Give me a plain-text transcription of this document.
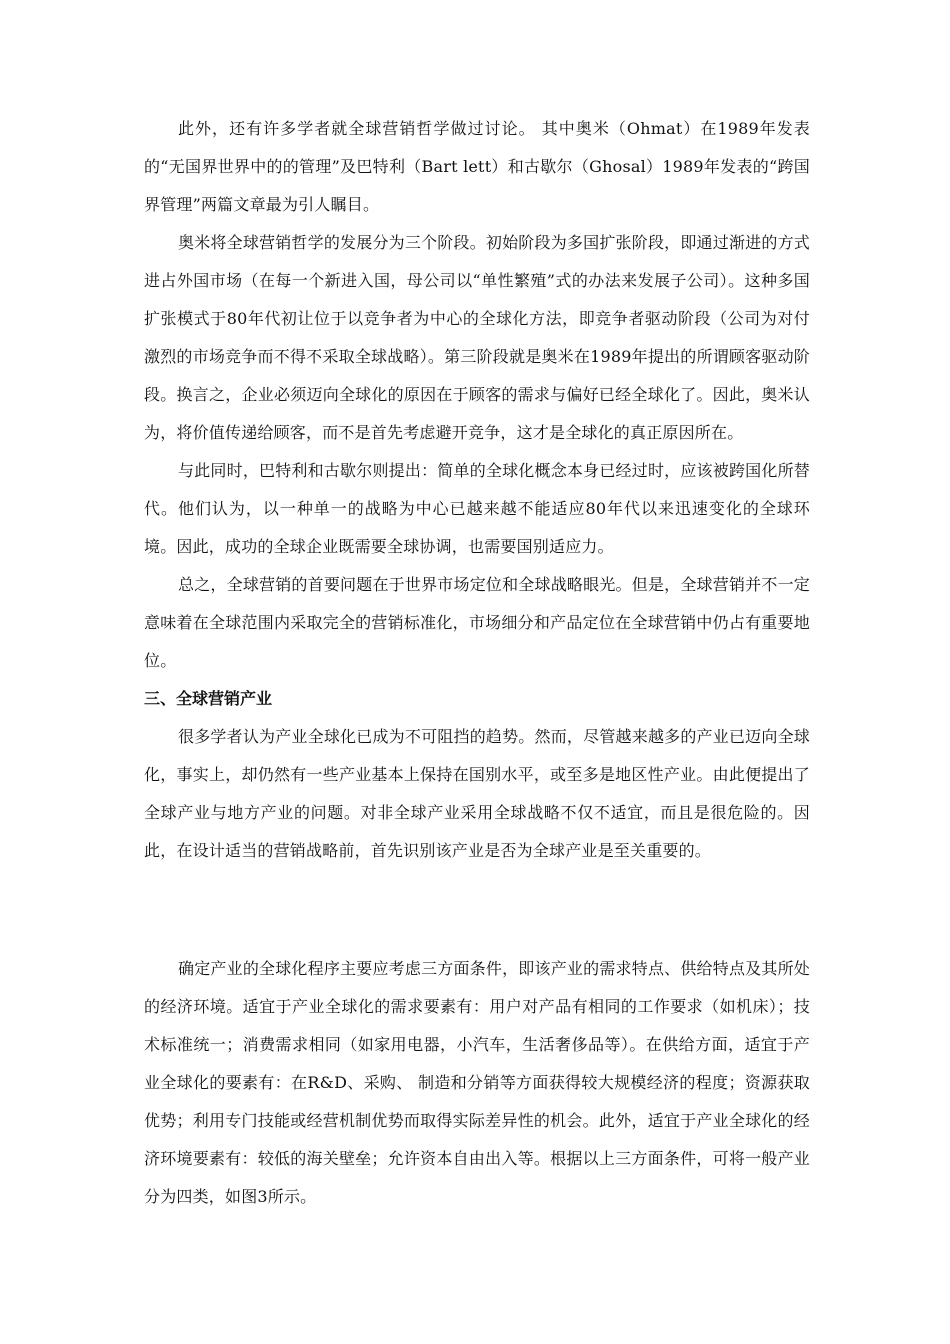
此外，还有许多学者就全球营销哲学做过讨论。 其中奥米（Ohmat）在1989年发表的“无国界世界中的的管理”及巴特利（Bart lett）和古歇尔（Ghosal）1989年发表的“跨国界管理”两篇文章最为引人瞩目。

奥米将全球营销哲学的发展分为三个阶段。初始阶段为多国扩张阶段，即通过渐进的方式进占外国市场（在每一个新进入国，母公司以“单性繁殖”式的办法来发展子公司）。这种多国扩张模式于80年代初让位于以竞争者为中心的全球化方法，即竞争者驱动阶段（公司为对付激烈的市场竞争而不得不采取全球战略）。第三阶段就是奥米在1989年提出的所谓顾客驱动阶段。换言之，企业必须迈向全球化的原因在于顾客的需求与偏好已经全球化了。因此，奥米认为，将价值传递给顾客，而不是首先考虑避开竞争，这才是全球化的真正原因所在。

与此同时，巴特利和古歇尔则提出：简单的全球化概念本身已经过时，应该被跨国化所替代。他们认为，以一种单一的战略为中心已越来越不能适应80年代以来迅速变化的全球环境。因此，成功的全球企业既需要全球协调，也需要国别适应力。

总之，全球营销的首要问题在于世界市场定位和全球战略眼光。但是，全球营销并不一定意味着在全球范围内采取完全的营销标准化，市场细分和产品定位在全球营销中仍占有重要地位。

三、全球营销产业

很多学者认为产业全球化已成为不可阻挡的趋势。然而，尽管越来越多的产业已迈向全球化，事实上，却仍然有一些产业基本上保持在国别水平，或至多是地区性产业。由此便提出了全球产业与地方产业的问题。对非全球产业采用全球战略不仅不适宜，而且是很危险的。因此，在设计适当的营销战略前，首先识别该产业是否为全球产业是至关重要的。

确定产业的全球化程序主要应考虑三方面条件，即该产业的需求特点、供给特点及其所处的经济环境。适宜于产业全球化的需求要素有：用户对产品有相同的工作要求（如机床）；技术标准统一；消费需求相同（如家用电器，小汽车，生活奢侈品等）。在供给方面，适宜于产业全球化的要素有：在R&D、采购、 制造和分销等方面获得较大规模经济的程度；资源获取优势；利用专门技能或经营机制优势而取得实际差异性的机会。此外，适宜于产业全球化的经济环境要素有：较低的海关壁垒；允许资本自由出入等。根据以上三方面条件，可将一般产业分为四类，如图3所示。
